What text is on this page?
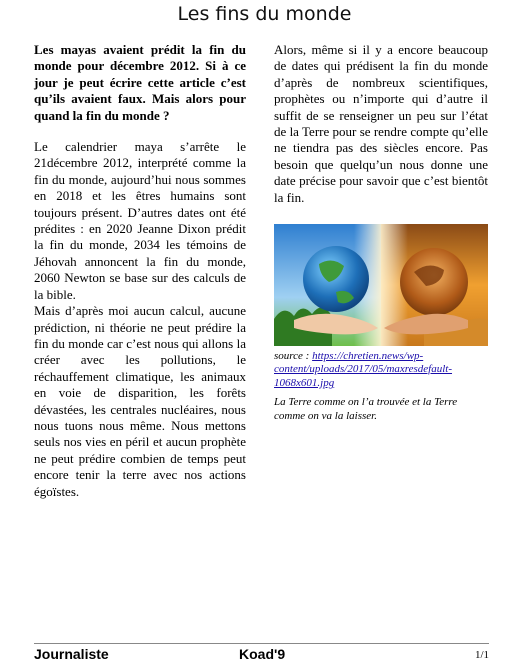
Les fins du monde

Les mayas avaient prédit la fin du monde pour décembre 2012. Si à ce jour je peut écrire cette article c’est qu’ils avaient faux. Mais alors pour quand la fin du monde ?

Le calendrier maya s’arrête le 21décembre 2012, interprété comme la fin du monde, aujourd’hui nous sommes en 2018 et les êtres humains sont toujours présent. D’autres dates ont été prédites : en 2020 Jeanne Dixon prédit la fin du monde, 2034 les témoins de Jéhovah annoncent la fin du monde, 2060 Newton se base sur des calculs de la bible.

Mais d’après moi aucun calcul, aucune prédiction, ni théorie ne peut prédire la fin du monde car c’est nous qui allons la créer avec les pollutions, le réchauffement climatique, les animaux en voie de disparition, les forêts dévastées, les centrales nucléaires, nous nous tuons nous même. Nous mettons seuls nos vies en péril et aucun prophète ne peut prédire combien de temps peut encore tenir la terre avec nos actions égoïstes.

Alors, même si il y a encore beaucoup de dates qui prédisent la fin du monde d’après de nombreux scientifiques, prophètes ou n’importe qui d’autre il suffit de se renseigner un peu sur l’état de la Terre pour se rendre compte qu’elle ne tiendra pas des siècles encore. Pas besoin que quelqu’un nous donne une date précise pour savoir que c’est bientôt la fin.

source : https://chretien.news/wp-content/uploads/2017/05/maxresdefault-1068x601.jpg

La Terre comme on l’a trouvée et la Terre comme on va la laisser.

Journaliste	Koad'9	1/1
